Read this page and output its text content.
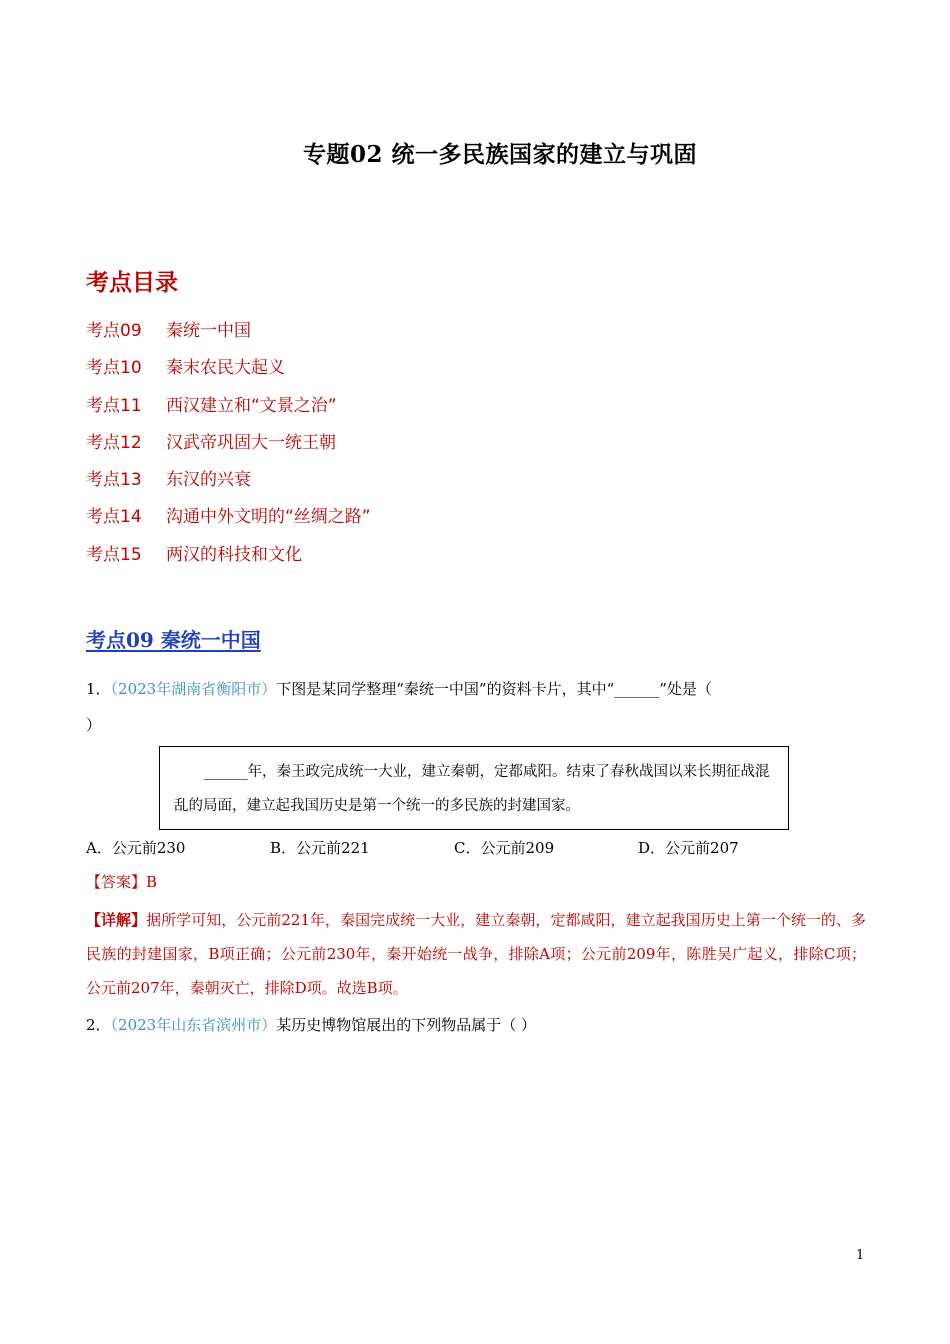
专题02 统一多民族国家的建立与巩固
考点目录
考点09 秦统一中国
考点10 秦末农民大起义
考点11 西汉建立和“文景之治”
考点12 汉武帝巩固大一统王朝
考点13 东汉的兴衰
考点14 沟通中外文明的“丝绸之路”
考点15 两汉的科技和文化
考点09 秦统一中国
1．（2023年湖南省衡阳市）下图是某同学整理“秦统一中国”的资料卡片，其中“______”处是（
）

______年，秦王政完成统一大业，建立秦朝，定都咸阳。结束了春秋战国以来长期征战混乱的局面，建立起我国历史是第一个统一的多民族的封建国家。

A．公元前230	B．公元前221	C．公元前209	D．公元前207
【答案】B
【详解】据所学可知，公元前221年，秦国完成统一大业，建立秦朝，定都咸阳，建立起我国历史上第一个统一的、多民族的封建国家，B项正确；公元前230年，秦开始统一战争，排除A项；公元前209年，陈胜吴广起义，排除C项；公元前207年，秦朝灭亡，排除D项。故选B项。
2．（2023年山东省滨州市）某历史博物馆展出的下列物品属于（ ）
1
